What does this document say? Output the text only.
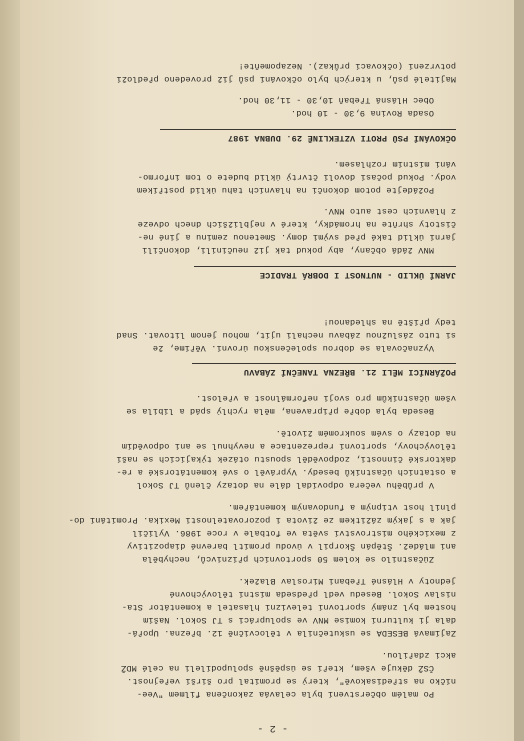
- 2 -
Po malém občerstvení byla celaváa zakončena filmem "Vee-
níčko na středisakově", který se promítal pro širší veřejnost.
ČSŽ děkuje všem, kteří se úspěšně spolupodíleli na celé MDŽ
akci zdařilou.
Zajímavá BESEDA se uskutečnila v tělocvičně 12. března. Upořá-
dala ji kulturní komise MNV ve spolupráci s TJ Sokol. Naším
hostem byl známý sportovní televizní hlasatel a komentátor Sta-
nislav Sokol. Besedu vedl předseda místní tělovýchovné
jednoty v Hlásné Třebani Miroslav Blažek.
Zúčastnilo se kolem 50 sportovních příznivců, nechyběla
ani mládež. Štěpán Škorpil v úvodu promítl barevné diapozitivy
z mexického mistrovství světa ve fotbale v roce 1986. Vylíčil
jak a s jakým zážitkem ze života i pozorovatelnosti Mexika. Promítání do-
plnil host vtipným a fundovaným komentářem.
V průběhu večera odpovídal dále na dotazy členů TJ Sokol
a ostatních účastníků besedy. Vyprávěl o své komentátorské a re-
daktorské činnosti, zodpověděl spoustu otázek týkajících se naší
tělovýchovy, sportovní reprezentace a nevyhnul se ani odpovědím
na dotazy o svém soukromém životě.
Beseda byla dobře připravena, měla rychlý spád a líbila se
všem účastníkům pro svoji neformálnost a vřelost.
POŽÁRNÍCI MĚLI 21. BŘEZNA TANEČNÍ ZÁBAVU
Vyznačovala se dobrou společenskou úrovní. Věříme, že
si tuto záslužnou zábavu nechali ujít, mohou jenom litovat. Snad
tedy příště na shledanou!
JARNÍ ÚKLID - NUTNOST I DOBRÁ TRADICE
MNV žádá občany, aby pokud tak již neučinili, dokončili
jarní úklid také před svými domy. Smetenou zeminu a jiné ne-
čistoty shrňte na hromádky, které v nejbližších dnech odveze
z hlavních cest auto MNV.
Požádejte potom dokonči na hlavních tahu úklid postříkem
vody. Pokud počasí dovolí čtvrtý úklid budete o tom informo-
váni místním rozhlasem.
OČKOVÁNÍ PSŮ PROTI VZTEKLINĚ 29. DUBNA 1987
Osada Rovina 9,30 - 10 hod.
Obec Hlásná Třebaň 10,30 - 11,30 hod.
Majitelé psů, u kterých bylo očkování psů již provedeno předloží
potvrzení (očkovací průkaz). Nezapomeňte!
